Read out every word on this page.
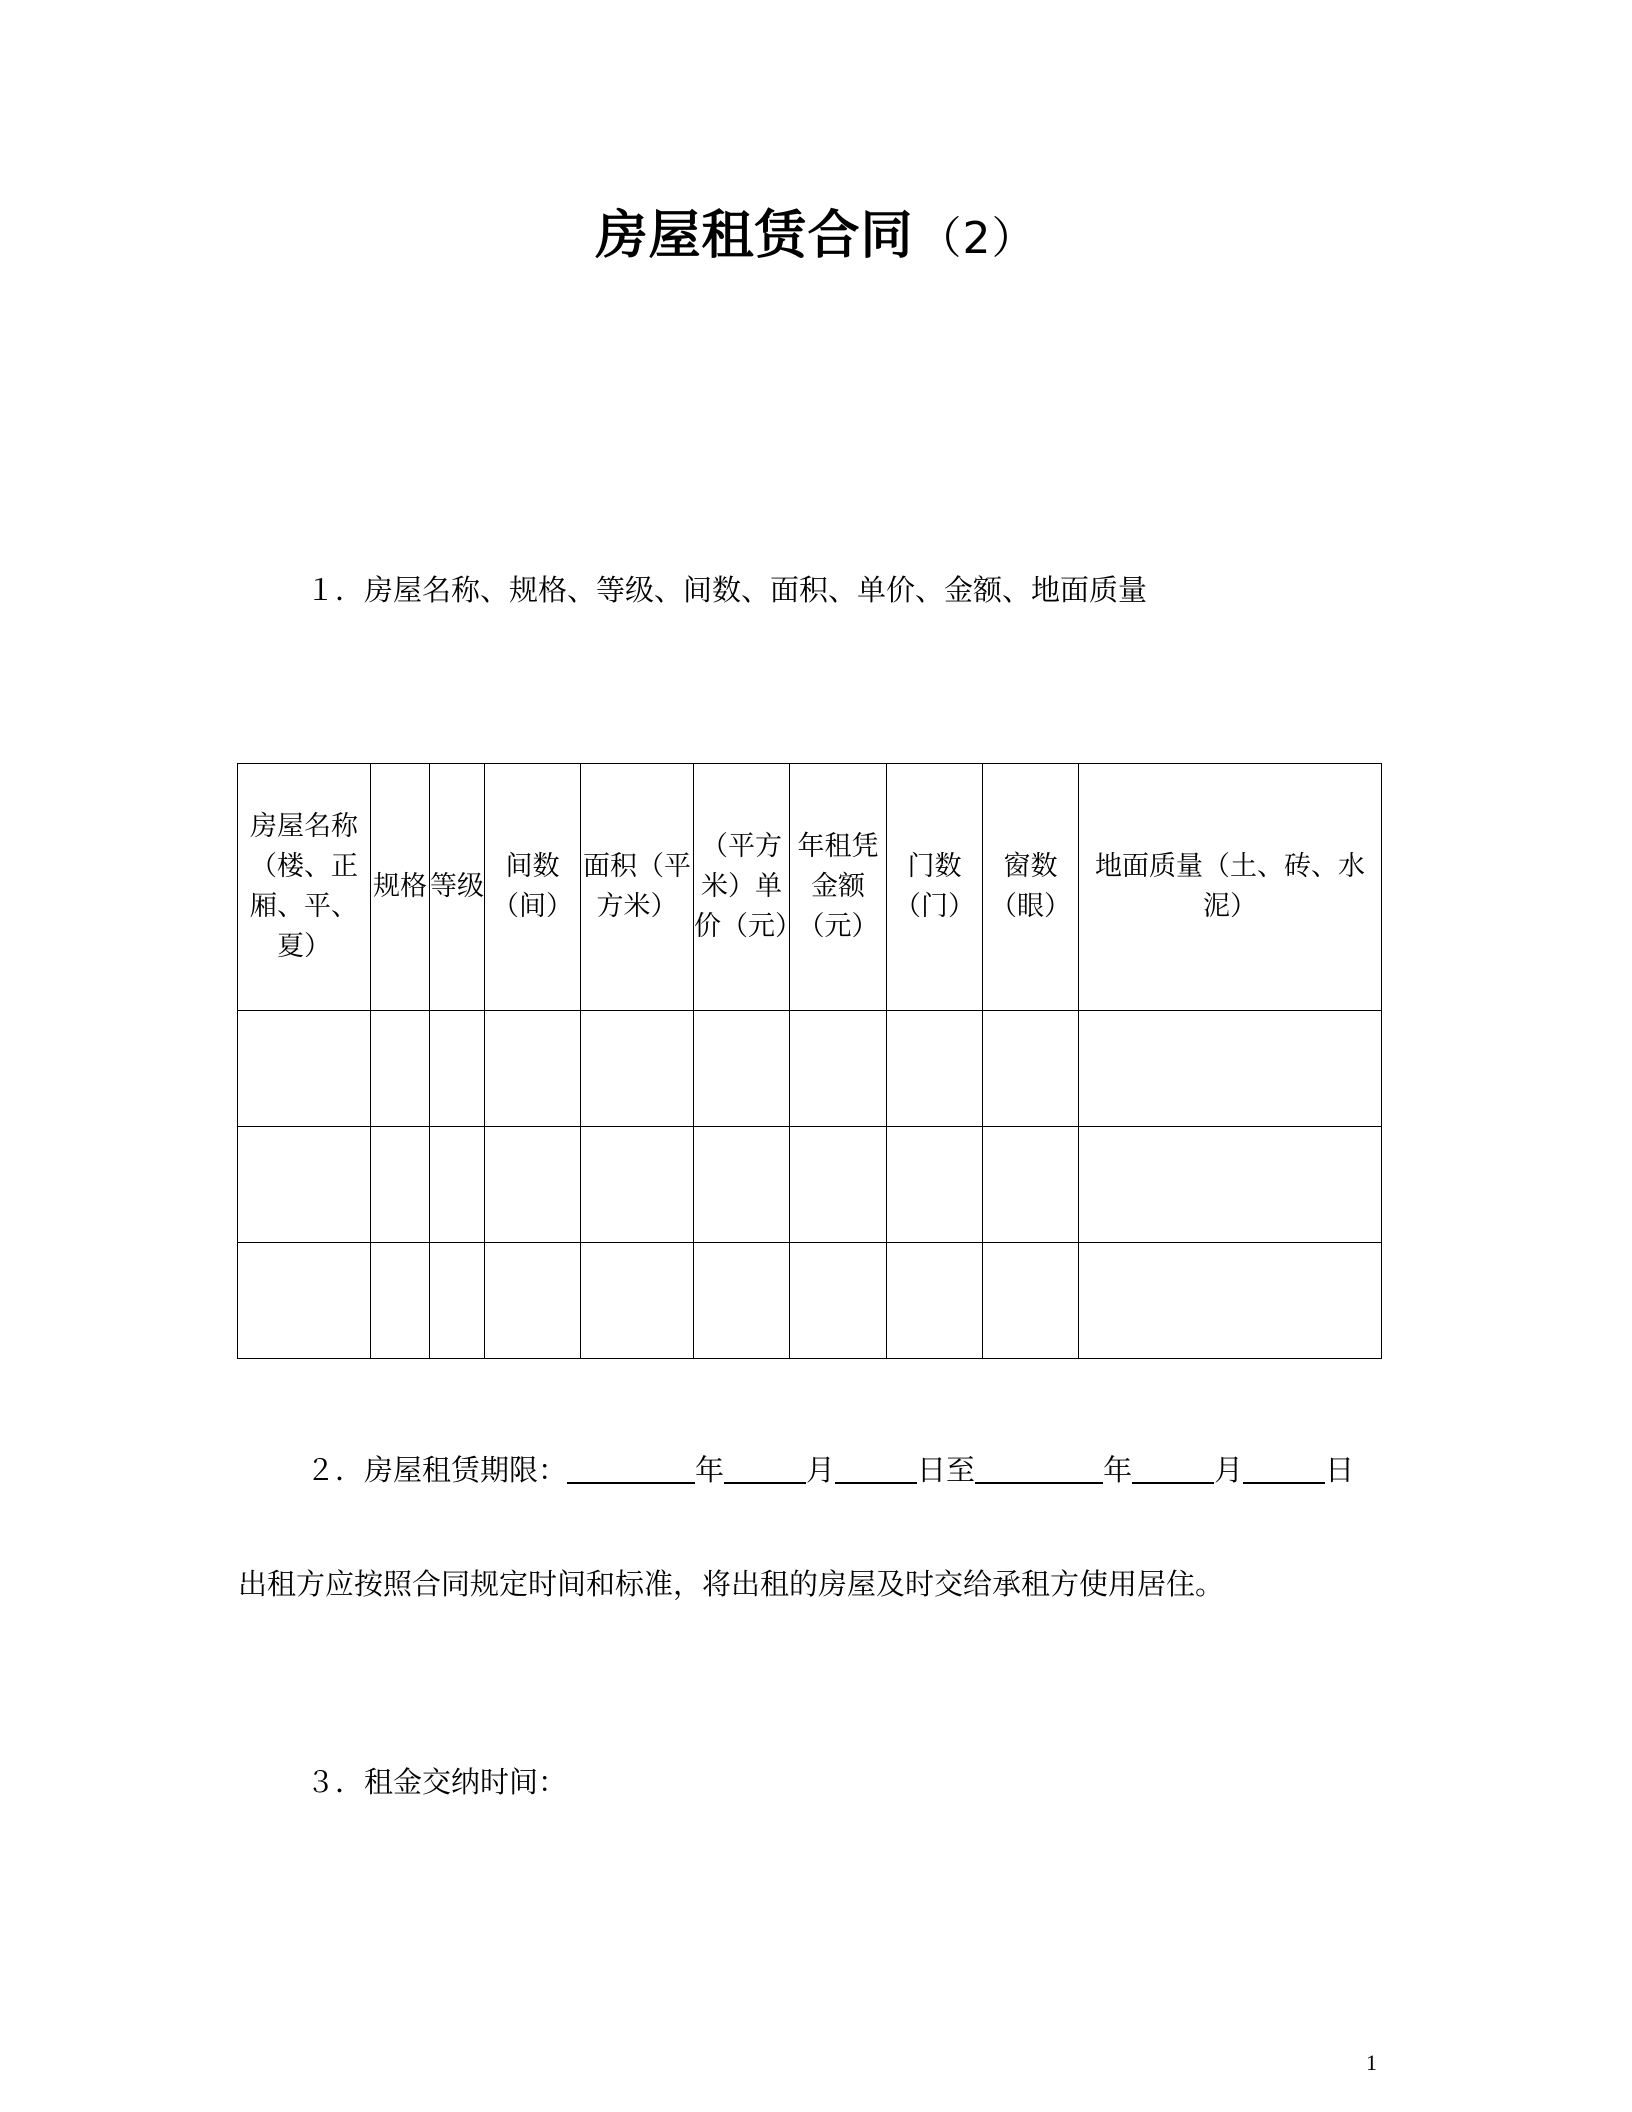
房屋租赁合同（2）
１．房屋名称、规格、等级、间数、面积、单价、金额、地面质量
房屋名称（楼、正厢、平、夏）	规格	等级	间数（间）	面积（平方米）	（平方米）单价（元）	年租凭金额（元）	门数（门）	窗数（眼）	地面质量（土、砖、水泥）

２．房屋租赁期限：	年	月	日至	年	月	日
出租方应按照合同规定时间和标准，将出租的房屋及时交给承租方使用居住。
３．租金交纳时间：
1
